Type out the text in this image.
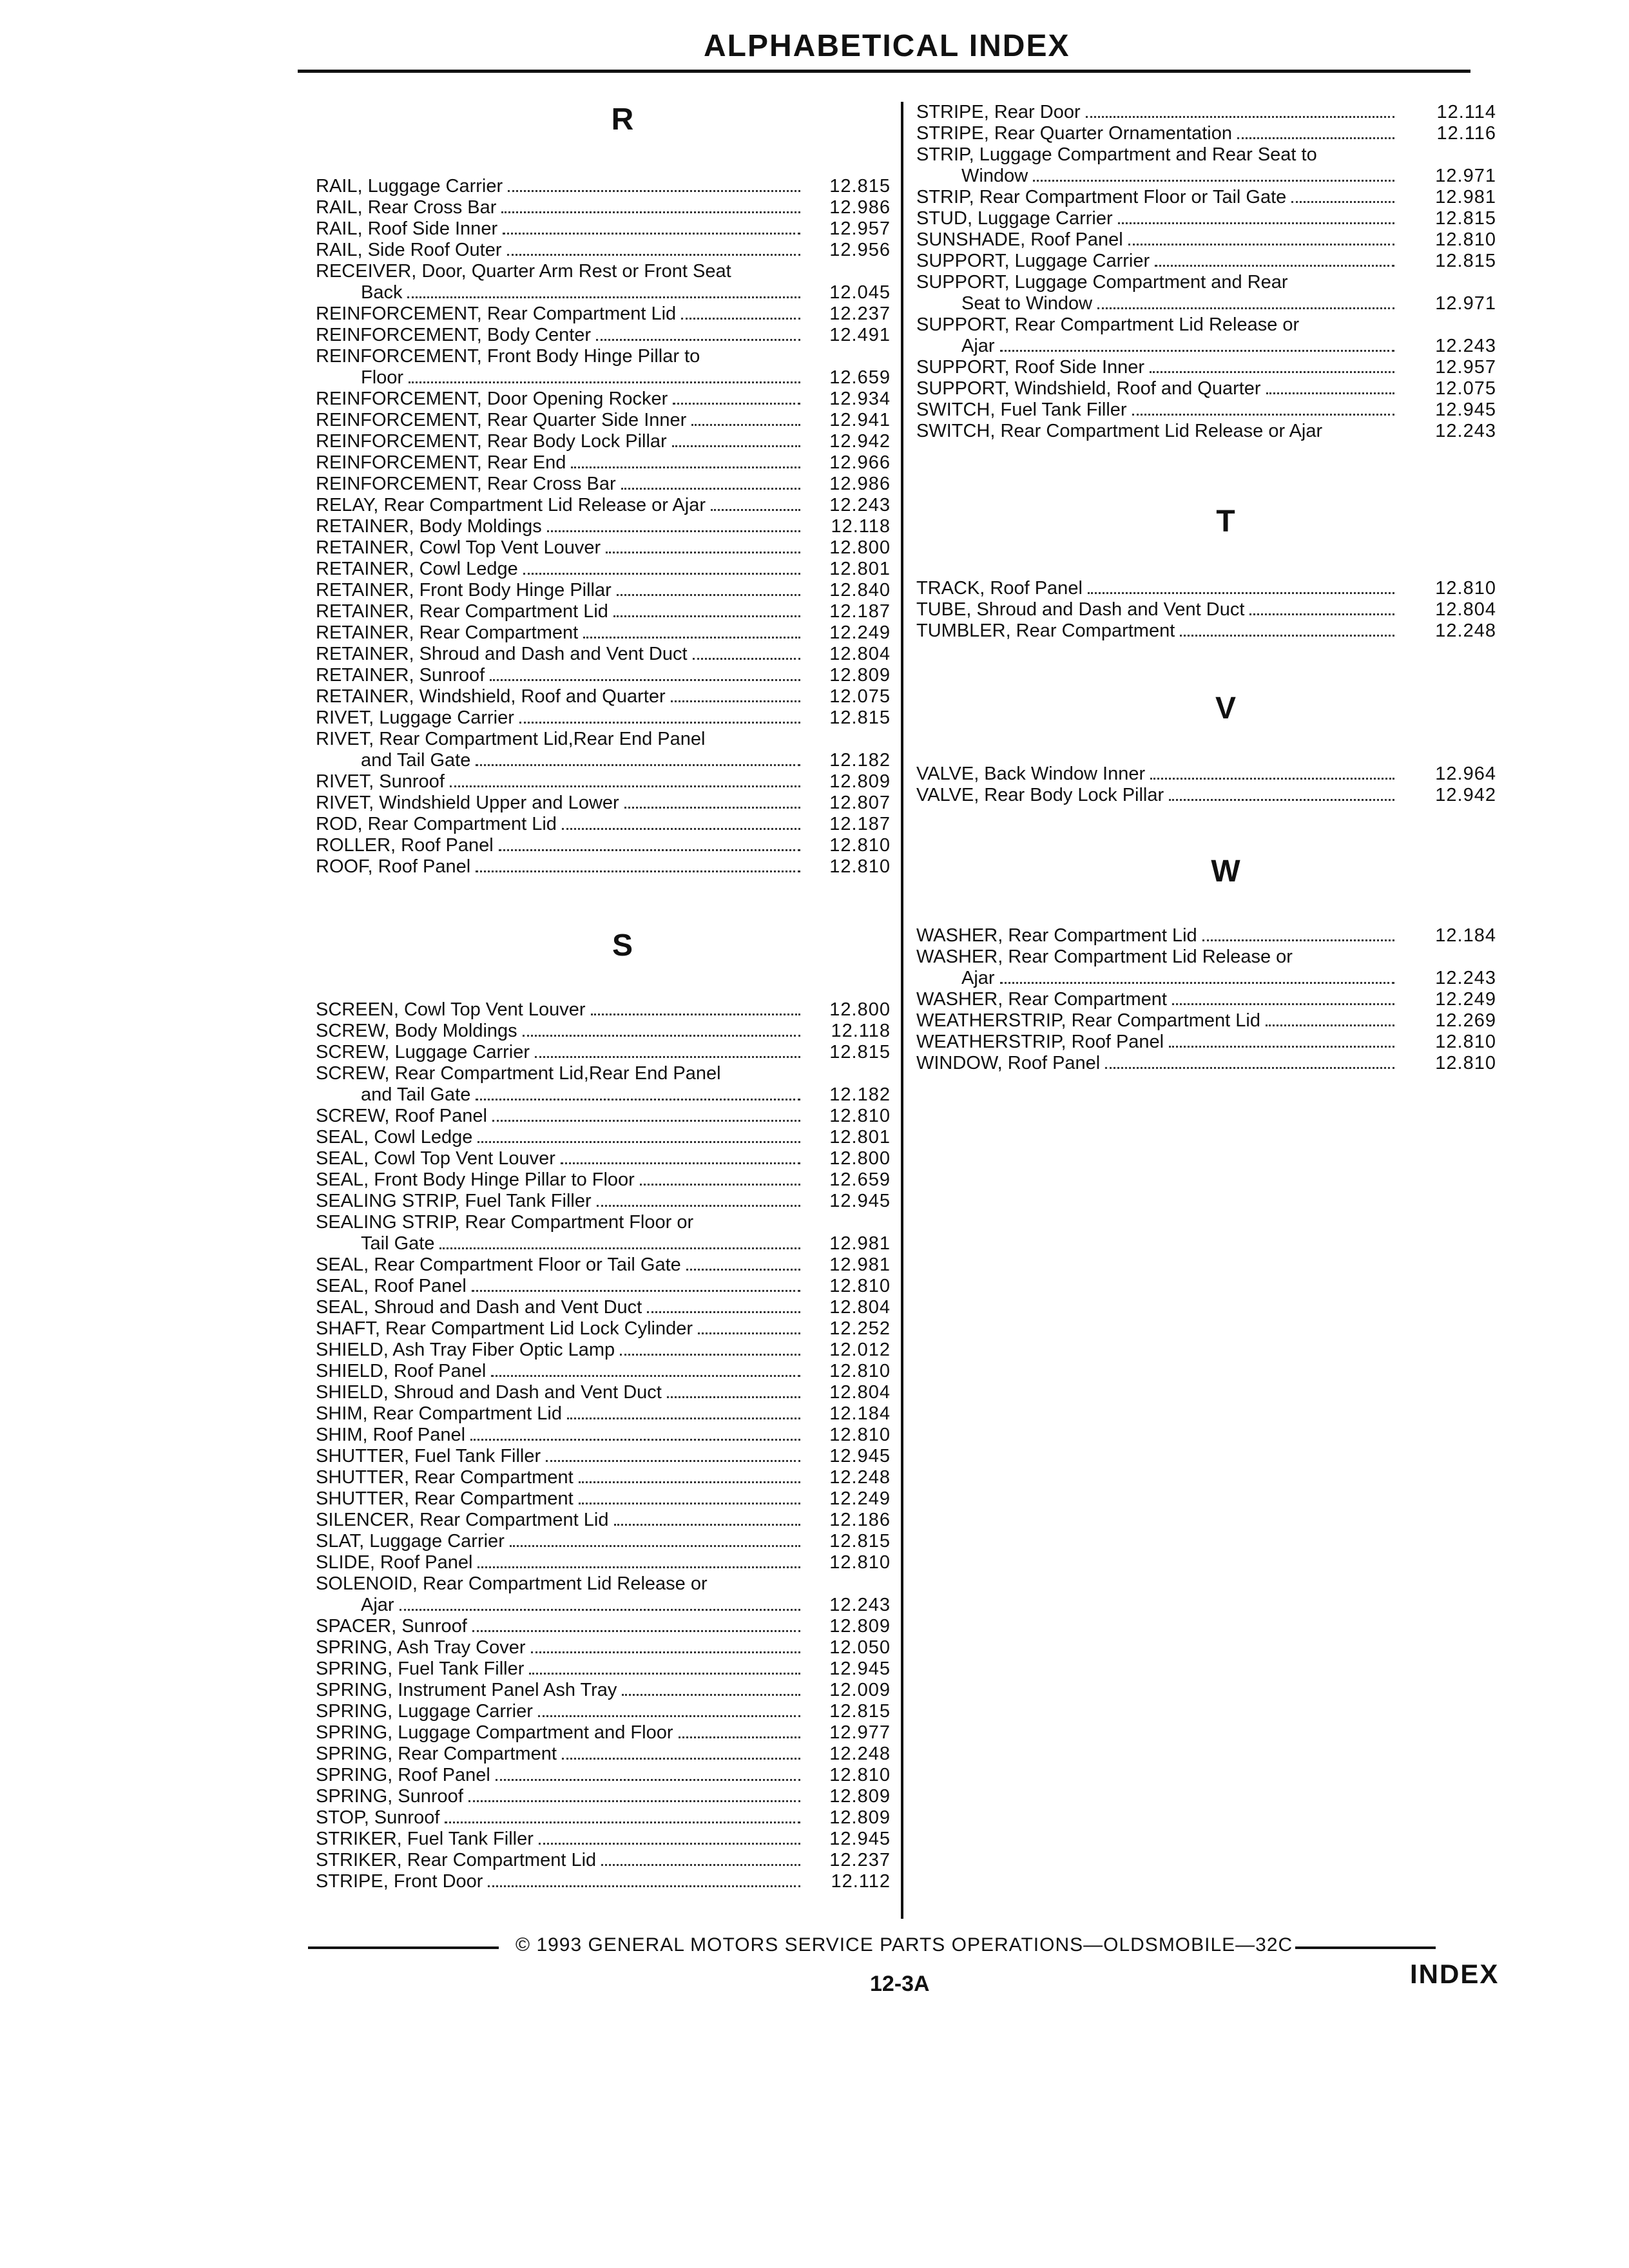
ALPHABETICAL INDEX
R
RAIL, Luggage Carrier	12.815
RAIL, Rear Cross Bar	12.986
RAIL, Roof Side Inner	12.957
RAIL, Side Roof Outer	12.956
RECEIVER, Door, Quarter Arm Rest or Front Seat
Back	12.045
REINFORCEMENT, Rear Compartment Lid	12.237
REINFORCEMENT, Body Center	12.491
REINFORCEMENT, Front Body Hinge Pillar to
Floor	12.659
REINFORCEMENT, Door Opening Rocker	12.934
REINFORCEMENT, Rear Quarter Side Inner	12.941
REINFORCEMENT, Rear Body Lock Pillar	12.942
REINFORCEMENT, Rear End	12.966
REINFORCEMENT, Rear Cross Bar	12.986
RELAY, Rear Compartment Lid Release or Ajar	12.243
RETAINER, Body Moldings	12.118
RETAINER, Cowl Top Vent Louver	12.800
RETAINER, Cowl Ledge	12.801
RETAINER, Front Body Hinge Pillar	12.840
RETAINER, Rear Compartment Lid	12.187
RETAINER, Rear Compartment	12.249
RETAINER, Shroud and Dash and Vent Duct	12.804
RETAINER, Sunroof	12.809
RETAINER, Windshield, Roof and Quarter	12.075
RIVET, Luggage Carrier	12.815
RIVET, Rear Compartment Lid,Rear End Panel
and Tail Gate	12.182
RIVET, Sunroof	12.809
RIVET, Windshield Upper and Lower	12.807
ROD, Rear Compartment Lid	12.187
ROLLER, Roof Panel	12.810
ROOF, Roof Panel	12.810
S
SCREEN, Cowl Top Vent Louver	12.800
SCREW, Body Moldings	12.118
SCREW, Luggage Carrier	12.815
SCREW, Rear Compartment Lid,Rear End Panel
and Tail Gate	12.182
SCREW, Roof Panel	12.810
SEAL, Cowl Ledge	12.801
SEAL, Cowl Top Vent Louver	12.800
SEAL, Front Body Hinge Pillar to Floor	12.659
SEALING STRIP, Fuel Tank Filler	12.945
SEALING STRIP, Rear Compartment Floor or
Tail Gate	12.981
SEAL, Rear Compartment Floor or Tail Gate	12.981
SEAL, Roof Panel	12.810
SEAL, Shroud and Dash and Vent Duct	12.804
SHAFT, Rear Compartment Lid Lock Cylinder	12.252
SHIELD, Ash Tray Fiber Optic Lamp	12.012
SHIELD, Roof Panel	12.810
SHIELD, Shroud and Dash and Vent Duct	12.804
SHIM, Rear Compartment Lid	12.184
SHIM, Roof Panel	12.810
SHUTTER, Fuel Tank Filler	12.945
SHUTTER, Rear Compartment	12.248
SHUTTER, Rear Compartment	12.249
SILENCER, Rear Compartment Lid	12.186
SLAT, Luggage Carrier	12.815
SLIDE, Roof Panel	12.810
SOLENOID, Rear Compartment Lid Release or
Ajar	12.243
SPACER, Sunroof	12.809
SPRING, Ash Tray Cover	12.050
SPRING, Fuel Tank Filler	12.945
SPRING, Instrument Panel Ash Tray	12.009
SPRING, Luggage Carrier	12.815
SPRING, Luggage Compartment and Floor	12.977
SPRING, Rear Compartment	12.248
SPRING, Roof Panel	12.810
SPRING, Sunroof	12.809
STOP, Sunroof	12.809
STRIKER, Fuel Tank Filler	12.945
STRIKER, Rear Compartment Lid	12.237
STRIPE, Front Door	12.112
STRIPE, Rear Door	12.114
STRIPE, Rear Quarter Ornamentation	12.116
STRIP, Luggage Compartment and Rear Seat to
Window	12.971
STRIP, Rear Compartment Floor or Tail Gate	12.981
STUD, Luggage Carrier	12.815
SUNSHADE, Roof Panel	12.810
SUPPORT, Luggage Carrier	12.815
SUPPORT, Luggage Compartment and Rear
Seat to Window	12.971
SUPPORT, Rear Compartment Lid Release or
Ajar	12.243
SUPPORT, Roof Side Inner	12.957
SUPPORT, Windshield, Roof and Quarter	12.075
SWITCH, Fuel Tank Filler	12.945
SWITCH, Rear Compartment Lid Release or Ajar	12.243
T
TRACK, Roof Panel	12.810
TUBE, Shroud and Dash and Vent Duct	12.804
TUMBLER, Rear Compartment	12.248
V
VALVE, Back Window Inner	12.964
VALVE, Rear Body Lock Pillar	12.942
W
WASHER, Rear Compartment Lid	12.184
WASHER, Rear Compartment Lid Release or
Ajar	12.243
WASHER, Rear Compartment	12.249
WEATHERSTRIP, Rear Compartment Lid	12.269
WEATHERSTRIP, Roof Panel	12.810
WINDOW, Roof Panel	12.810
© 1993 GENERAL MOTORS SERVICE PARTS OPERATIONS—OLDSMOBILE—32C
12-3A	INDEX
